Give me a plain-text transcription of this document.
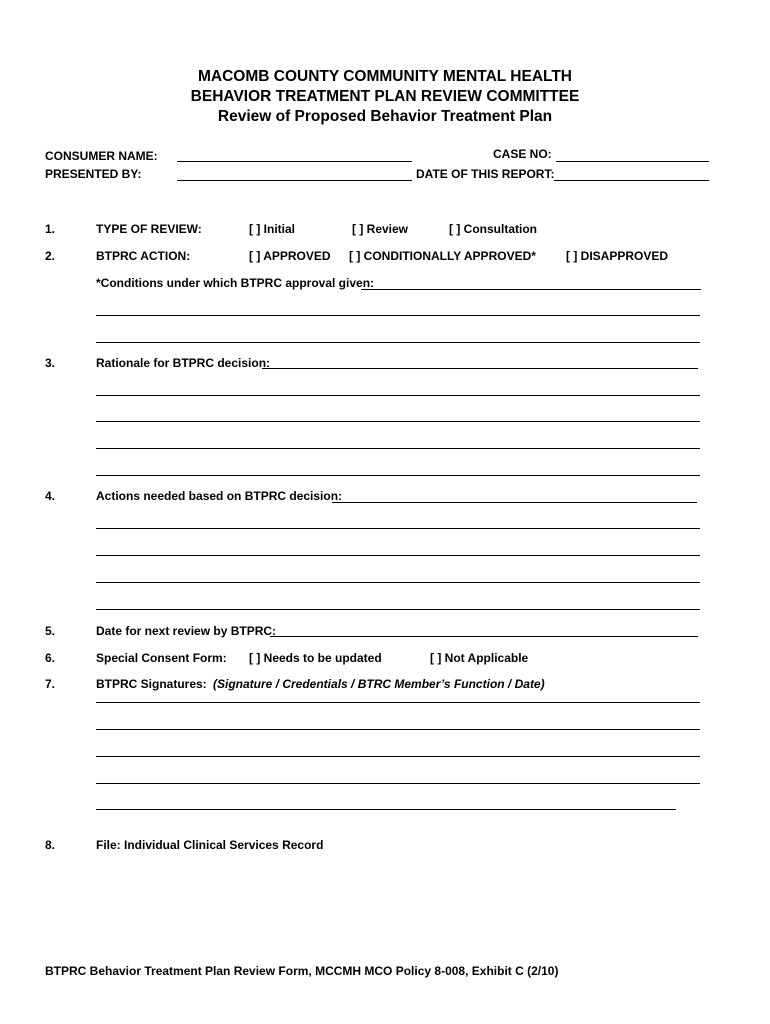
MACOMB COUNTY COMMUNITY MENTAL HEALTH
BEHAVIOR TREATMENT PLAN REVIEW COMMITTEE
Review of Proposed Behavior Treatment Plan
CONSUMER NAME:	CASE NO:
PRESENTED BY:	DATE OF THIS REPORT:
1.	TYPE OF REVIEW:	[ ] Initial	[ ] Review	[ ] Consultation
2.	BTPRC ACTION:	[ ] APPROVED [ ] CONDITIONALLY APPROVED*	[ ] DISAPPROVED
*Conditions under which BTPRC approval given:
3.	Rationale for BTPRC decision:
4.	Actions needed based on BTPRC decision:
5.	Date for next review by BTPRC:
6.	Special Consent Form: [ ] Needs to be updated	[ ] Not Applicable
7.	BTPRC Signatures: (Signature / Credentials / BTRC Member’s Function / Date)
8.	File: Individual Clinical Services Record
BTPRC Behavior Treatment Plan Review Form, MCCMH MCO Policy 8-008, Exhibit C (2/10)
